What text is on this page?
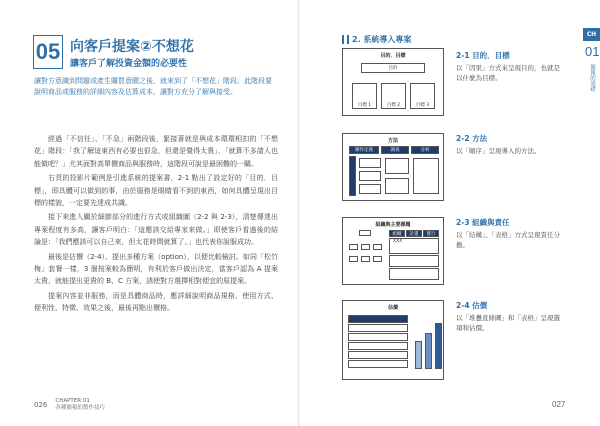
05 向客戶提案②不想花
讓客戶了解投資金額的必要性
讓對方意識到問題或產生購買意願之後，就來到了「不想花」階段。此階段要說明商品或服務的詳細內容及估算成本，讓對方充分了解與接受。

經過「不信任」、「不急」兩階段後，緊接著就是與成本環環相扣的「不想花」階段：「我了解這東西有必要也很急，但還是覺得太貴」、「就算不多請人也能做吧？」尤其面對高單價商品與服務時，這階段可說是最困難的一關。

右頁的投影片範例是引進系統的提案書，2-1 點出了設定好的「目的．目標」，即具體可以做到的事，由於服務是眼睛看不到的東西，如何具體呈現出目標的樣貌，一定要先達成共識。

接下來進入關於細節部分的進行方式或組織圖（2-2 與 2-3），清楚傳達出專案程度有多高，讓客戶明白：「這應該交給專家來做。」即使客戶看過後的結論是：「我們應該可以自己來，但太花時間就算了。」也代表你說服成功。

最後是估價（2-4）。提出多種方案（option），以便比較檢討。如同「松竹梅」套餐一樣，3 個按案較為簡明，有利於客戶做出決定，當客戶認為 A 提案太貴，就能提出更貴的 B、C 方案，誘使對方選擇相對便宜的原提案。

提案內容並非服務，而是具體商品時，應詳細說明商品規格、使用方式、便利性、特徵、效果之後，最後再點出價格。

026 CHAPTER 01
各種簡報的製作技巧
2. 系統導入專案
目的．目標
目的
目標 1	目標 2	目標 3
2-1 目的．目標
以「因果」方式來呈現目的，也就是以什麼為目標。
方法
操作定義	調查	分析
2-2 方法
以「順序」呈現導入的方法。
組織與主要課題
組織	計畫	實行
XXX
2-3 組織與責任
以「結構」、「表格」方式呈現責任分擔。
估價	2-4 估價
以「堆疊直條圖」和「表格」呈現選項和估價。
027
CH
01
簡報的基礎
